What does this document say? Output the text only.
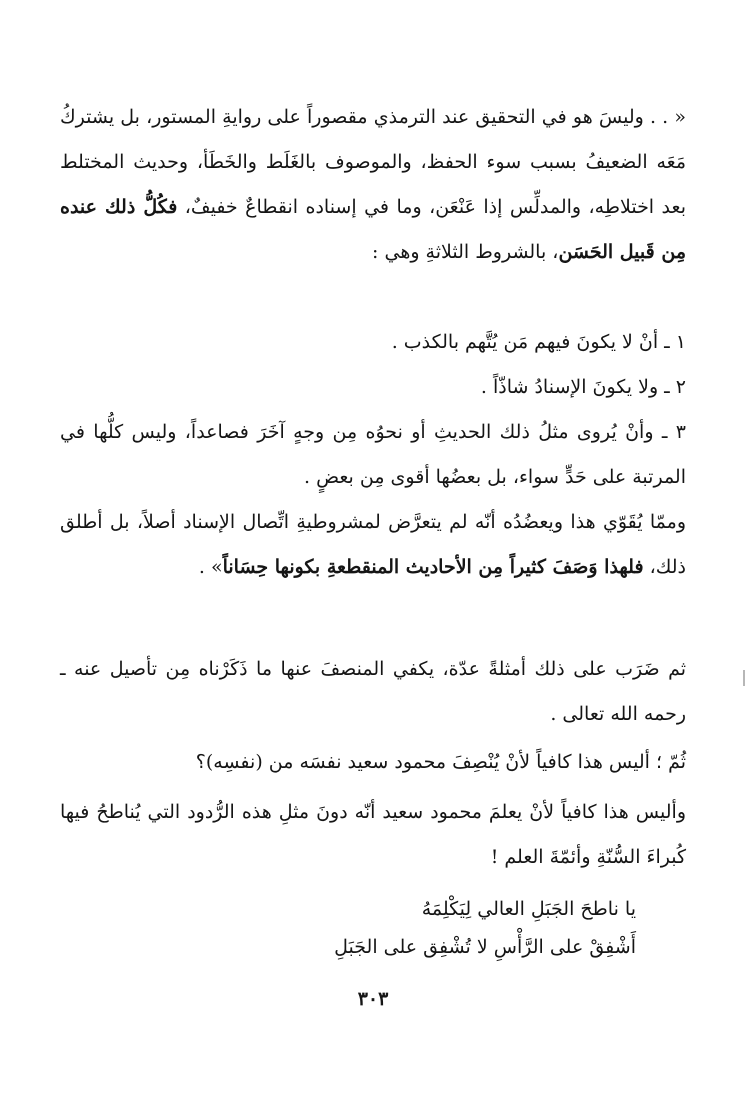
« . . وليسَ هو في التحقيق عند الترمذي مقصوراً على روايةِ المستور، بل يشتركُ مَعَه الضعيفُ بسبب سوء الحفظ، والموصوف بالغَلَط والخَطَأ، وحديث المختلط بعد اختلاطِه، والمدلِّس إذا عَنْعَن، وما في إسناده انقطاعٌ خفيفٌ، فكُلُّ ذلك عنده مِن قَبيل الحَسَن، بالشروط الثلاثةِ وهي :
١ ـ أنْ لا يكونَ فيهم مَن يُتَّهم بالكذب .
٢ ـ ولا يكونَ الإسنادُ شاذّاً .
٣ ـ وأنْ يُروى مثلُ ذلك الحديثِ أو نحوُه مِن وجهٍ آخَرَ فصاعداً، وليس كلُّها في المرتبة على حَدٍّ سواء، بل بعضُها أقوى مِن بعضٍ .
وممّا يُقَوّي هذا ويعضُدُه أنّه لم يتعرَّض لمشروطيةِ اتِّصال الإسناد أصلاً، بل أطلق ذلك، فلهذا وَصَفَ كثيراً مِن الأحاديث المنقطعةِ بكونها حِسَاناً» .
ثم ضَرَب على ذلك أمثلةً عدّة، يكفي المنصفَ عنها ما ذَكَرْناه مِن تأصيل عنه ـ رحمه الله تعالى .
ثُمّ ؛ أليس هذا كافياً لأنْ يُنْصِفَ محمود سعيد نفسَه من (نفسِه)؟
وأليس هذا كافياً لأنْ يعلمَ محمود سعيد أنّه دونَ مثلِ هذه الرُّدود التي يُناطحُ فيها كُبراءَ السُّنّةِ وأئمّةَ العلم !
يا ناطحَ الجَبَلِ العالي لِيَكْلِمَهُ
أَشْفِقْ على الرَّأْسِ لا تُشْفِق على الجَبَلِ
٣٠٣
